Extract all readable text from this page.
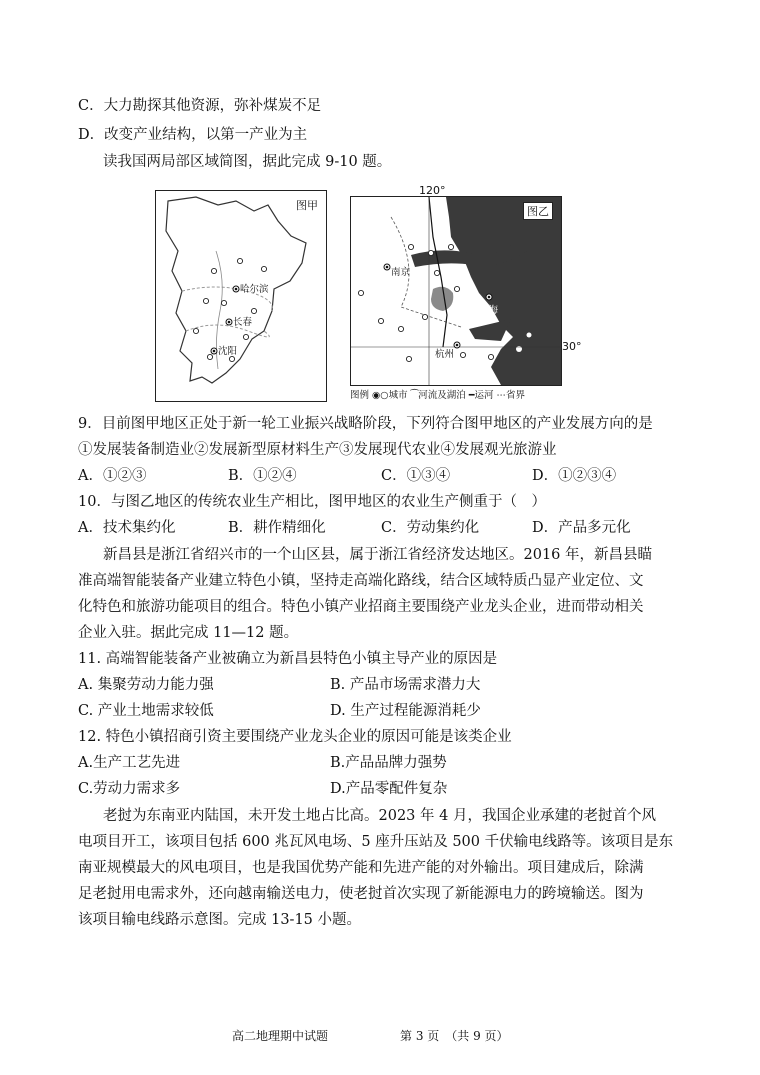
C．大力勘探其他资源，弥补煤炭不足
D．改变产业结构，以第一产业为主
读我国两局部区域简图，据此完成 9-10 题。
哈尔滨
长春
沈阳
图甲
南京
上海
杭州
图乙
120°
30°
图例 ◉○城市 ⁀河流及湖泊 ━运河 ⋯省界
9．目前图甲地区正处于新一轮工业振兴战略阶段，下列符合图甲地区的产业发展方向的是
①发展装备制造业②发展新型原材料生产③发展现代农业④发展观光旅游业
A．①②③	B．①②④	C．①③④	D．①②③④
10．与图乙地区的传统农业生产相比，图甲地区的农业生产侧重于（　）
A．技术集约化	B．耕作精细化	C．劳动集约化	D．产品多元化
新昌县是浙江省绍兴市的一个山区县，属于浙江省经济发达地区。2016 年，新昌县瞄
准高端智能装备产业建立特色小镇，坚持走高端化路线，结合区域特质凸显产业定位、文
化特色和旅游功能项目的组合。特色小镇产业招商主要围绕产业龙头企业，进而带动相关
企业入驻。据此完成 11—12 题。
11. 高端智能装备产业被确立为新昌县特色小镇主导产业的原因是
A. 集聚劳动力能力强	B. 产品市场需求潜力大
C. 产业土地需求较低	D. 生产过程能源消耗少
12. 特色小镇招商引资主要围绕产业龙头企业的原因可能是该类企业
A.生产工艺先进	B.产品品牌力强势
C.劳动力需求多	D.产品零配件复杂
老挝为东南亚内陆国，未开发土地占比高。2023 年 4 月，我国企业承建的老挝首个风
电项目开工，该项目包括 600 兆瓦风电场、5 座升压站及 500 千伏输电线路等。该项目是东
南亚规模最大的风电项目，也是我国优势产能和先进产能的对外输出。项目建成后，除满
足老挝用电需求外，还向越南输送电力，使老挝首次实现了新能源电力的跨境输送。图为
该项目输电线路示意图。完成 13-15 小题。
高二地理期中试题	第 3 页　（共 9 页）
